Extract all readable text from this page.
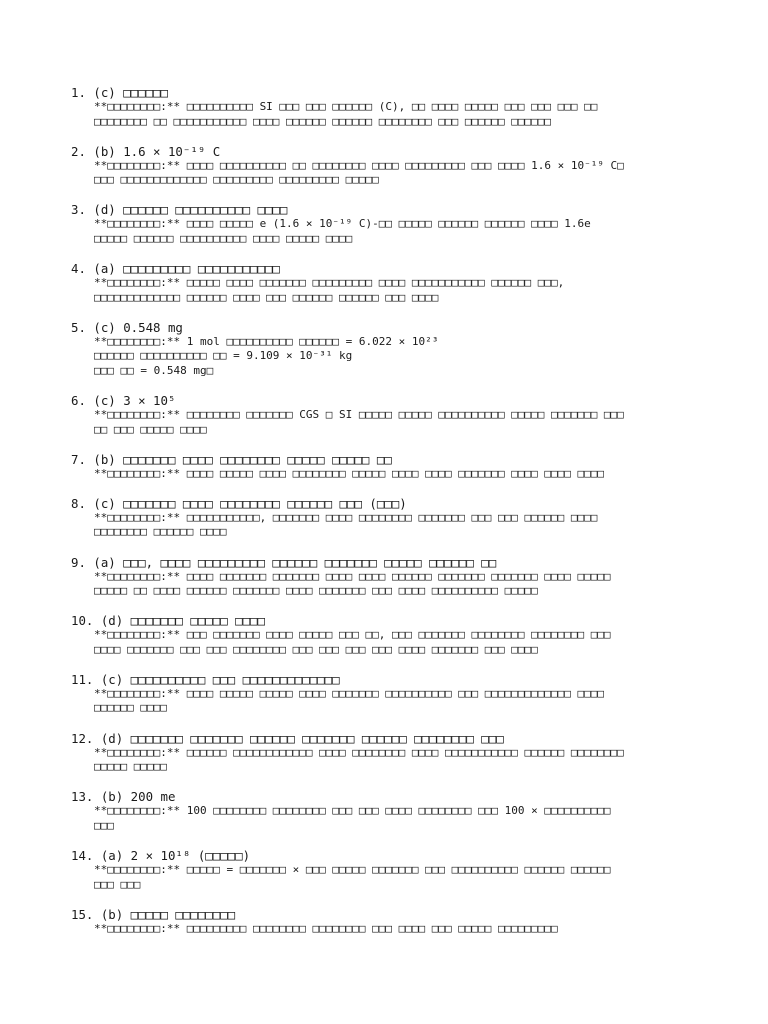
1. (c) □□□□□□
**□□□□□□□□:** □□□□□□□□□□ SI □□□ □□□ □□□□□□ (C), □□ □□□□ □□□□□ □□□ □□□ □□□ □□
□□□□□□□□ □□ □□□□□□□□□□□ □□□□ □□□□□□ □□□□□□ □□□□□□□□ □□□ □□□□□□ □□□□□□
2. (b) 1.6 × 10⁻¹⁹ C
**□□□□□□□□:** □□□□ □□□□□□□□□□ □□ □□□□□□□□ □□□□ □□□□□□□□□ □□□ □□□□ 1.6 × 10⁻¹⁹ C□
□□□ □□□□□□□□□□□□□ □□□□□□□□□ □□□□□□□□□ □□□□□
3. (d) □□□□□□ □□□□□□□□□□ □□□□
**□□□□□□□□:** □□□□ □□□□□ e (1.6 × 10⁻¹⁹ C)-□□ □□□□□ □□□□□□ □□□□□□ □□□□ 1.6e
□□□□□ □□□□□□ □□□□□□□□□□ □□□□ □□□□□ □□□□
4. (a) □□□□□□□□□ □□□□□□□□□□□
**□□□□□□□□:** □□□□□ □□□□ □□□□□□□ □□□□□□□□□ □□□□ □□□□□□□□□□□ □□□□□□ □□□,
□□□□□□□□□□□□□ □□□□□□ □□□□ □□□ □□□□□□ □□□□□□ □□□ □□□□
5. (c) 0.548 mg
**□□□□□□□□:** 1 mol □□□□□□□□□□ □□□□□□ = 6.022 × 10²³
□□□□□□ □□□□□□□□□□ □□ = 9.109 × 10⁻³¹ kg
□□□ □□ = 0.548 mg□
6. (c) 3 × 10⁵
**□□□□□□□□:** □□□□□□□□ □□□□□□□ CGS □ SI □□□□□ □□□□□ □□□□□□□□□□ □□□□□ □□□□□□□ □□□
□□ □□□ □□□□□ □□□□
7. (b) □□□□□□□ □□□□ □□□□□□□□ □□□□□ □□□□□ □□
**□□□□□□□□:** □□□□ □□□□□ □□□□ □□□□□□□□ □□□□□ □□□□ □□□□ □□□□□□□ □□□□ □□□□ □□□□
8. (c) □□□□□□□ □□□□ □□□□□□□□ □□□□□□ □□□ (□□□)
**□□□□□□□□:** □□□□□□□□□□□, □□□□□□□ □□□□ □□□□□□□□ □□□□□□□ □□□ □□□ □□□□□□ □□□□
□□□□□□□□ □□□□□□ □□□□
9. (a) □□□, □□□□ □□□□□□□□□ □□□□□□ □□□□□□□ □□□□□ □□□□□□ □□
**□□□□□□□□:** □□□□ □□□□□□□ □□□□□□□ □□□□ □□□□ □□□□□□ □□□□□□□ □□□□□□□ □□□□ □□□□□
□□□□□ □□ □□□□ □□□□□□ □□□□□□□ □□□□ □□□□□□□ □□□ □□□□ □□□□□□□□□□ □□□□□
10. (d) □□□□□□□ □□□□□ □□□□
**□□□□□□□□:** □□□ □□□□□□□ □□□□ □□□□□ □□□ □□, □□□ □□□□□□□ □□□□□□□□ □□□□□□□□ □□□
□□□□ □□□□□□□ □□□ □□□ □□□□□□□□ □□□ □□□ □□□ □□□ □□□□ □□□□□□□ □□□ □□□□
11. (c) □□□□□□□□□□ □□□ □□□□□□□□□□□□□
**□□□□□□□□:** □□□□ □□□□□ □□□□□ □□□□ □□□□□□□ □□□□□□□□□□ □□□ □□□□□□□□□□□□□ □□□□
□□□□□□ □□□□
12. (d) □□□□□□□ □□□□□□□ □□□□□□ □□□□□□□ □□□□□□ □□□□□□□□ □□□
**□□□□□□□□:** □□□□□□ □□□□□□□□□□□□ □□□□ □□□□□□□□ □□□□ □□□□□□□□□□□ □□□□□□ □□□□□□□□
□□□□□ □□□□□
13. (b) 200 me
**□□□□□□□□:** 100 □□□□□□□□ □□□□□□□□ □□□ □□□ □□□□ □□□□□□□□ □□□ 100 × □□□□□□□□□□
□□□
14. (a) 2 × 10¹⁸ (□□□□□)
**□□□□□□□□:** □□□□□ = □□□□□□□ × □□□ □□□□□ □□□□□□□ □□□ □□□□□□□□□□ □□□□□□ □□□□□□
□□□ □□□
15. (b) □□□□□ □□□□□□□□
**□□□□□□□□:** □□□□□□□□□ □□□□□□□□ □□□□□□□□ □□□ □□□□ □□□ □□□□□ □□□□□□□□□
